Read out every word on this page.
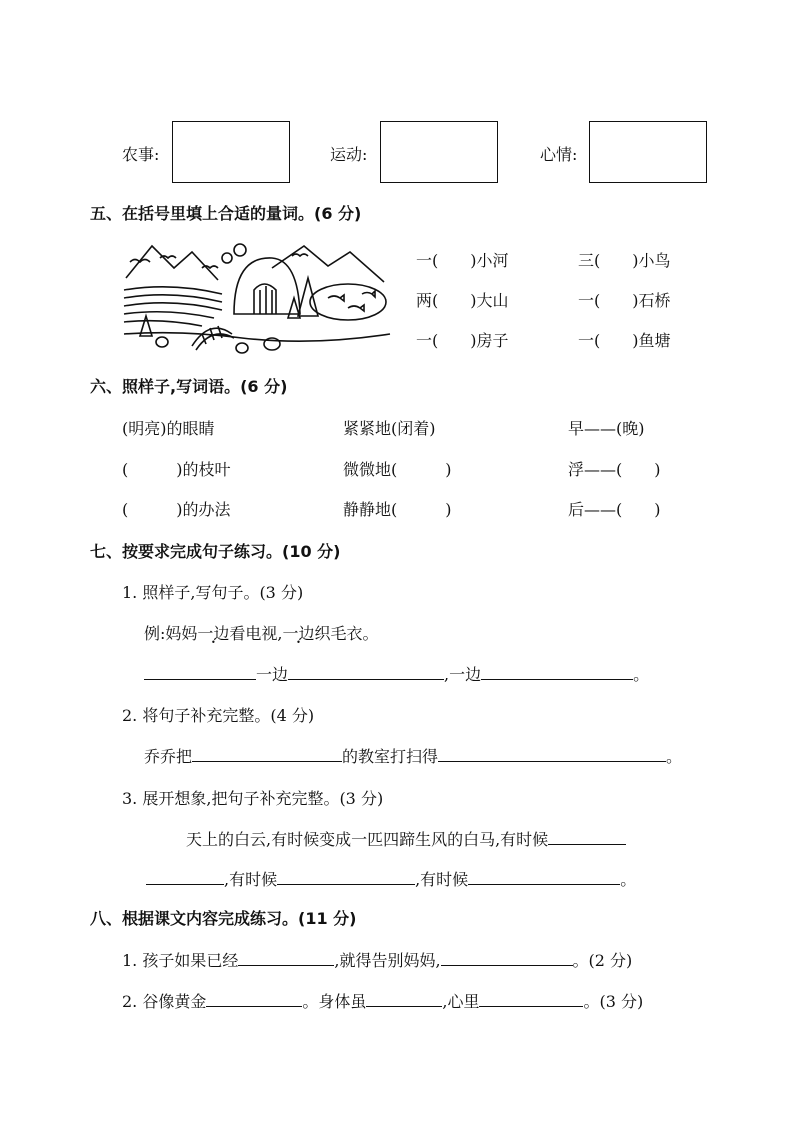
农事:	运动:	心情:
五、在括号里填上合适的量词。(6 分)
一(　　)小河	三(　　)小鸟
两(　　)大山	一(　　)石桥
一(　　)房子	一(　　)鱼塘
六、照样子,写词语。(6 分)
(明亮)的眼睛	紧紧地(闭着)	早——(晚)
(　　　)的枝叶	微微地(　　　)	浮——(　　)
(　　　)的办法	静静地(　　　)	后——(　　)
七、按要求完成句子练习。(10 分)
1. 照样子,写句子。(3 分)
例:妈妈一边看电视,一边织毛衣。
一边	,一边	。
2. 将句子补充完整。(4 分)
乔乔把	的教室打扫得	。
3. 展开想象,把句子补充完整。(3 分)
天上的白云,有时候变成一匹四蹄生风的白马,有时候
,有时候	,有时候	。
八、根据课文内容完成练习。(11 分)
1. 孩子如果已经	,就得告别妈妈,	。(2 分)
2. 谷像黄金	。身体虽	,心里	。(3 分)
